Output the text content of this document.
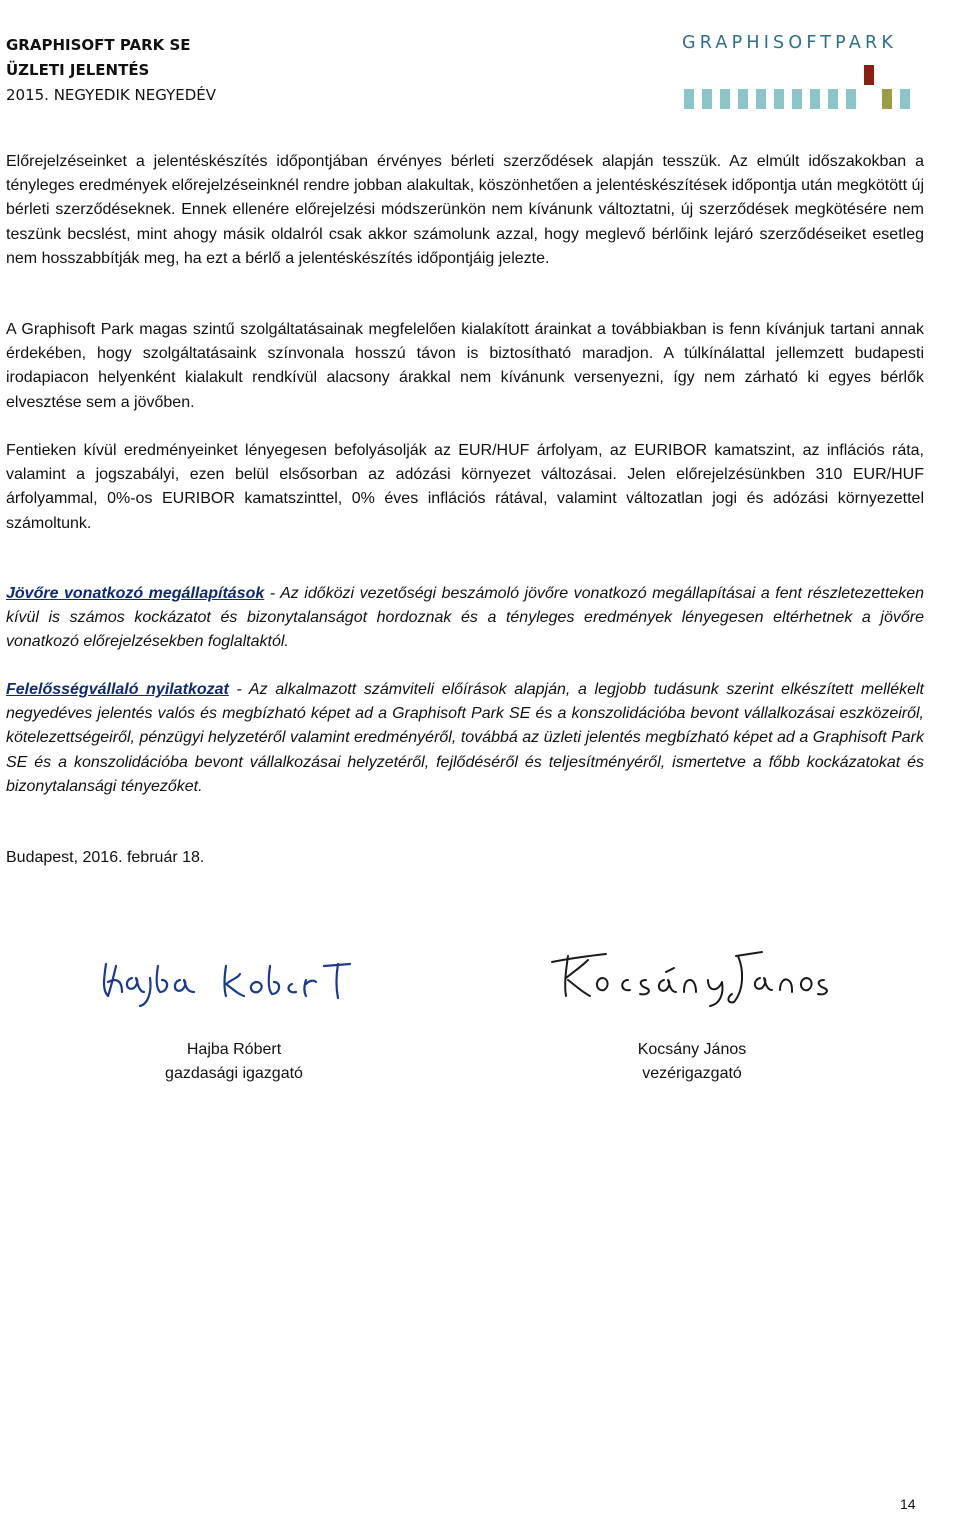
GRAPHISOFT PARK SE
ÜZLETI JELENTÉS
2015. NEGYEDIK NEGYEDÉV
GRAPHISOFTPARK

Előrejelzéseinket a jelentéskészítés időpontjában érvényes bérleti szerződések alapján tesszük. Az elmúlt időszakokban a tényleges eredmények előrejelzéseinknél rendre jobban alakultak, köszönhetően a jelentéskészítések időpontja után megkötött új bérleti szerződéseknek. Ennek ellenére előrejelzési módszerünkön nem kívánunk változtatni, új szerződések megkötésére nem teszünk becslést, mint ahogy másik oldalról csak akkor számolunk azzal, hogy meglevő bérlőink lejáró szerződéseiket esetleg nem hosszabbítják meg, ha ezt a bérlő a jelentéskészítés időpontjáig jelezte.

A Graphisoft Park magas szintű szolgáltatásainak megfelelően kialakított árainkat a továbbiakban is fenn kívánjuk tartani annak érdekében, hogy szolgáltatásaink színvonala hosszú távon is biztosítható maradjon. A túlkínálattal jellemzett budapesti irodapiacon helyenként kialakult rendkívül alacsony árakkal nem kívánunk versenyezni, így nem zárható ki egyes bérlők elvesztése sem a jövőben.

Fentieken kívül eredményeinket lényegesen befolyásolják az EUR/HUF árfolyam, az EURIBOR kamatszint, az inflációs ráta, valamint a jogszabályi, ezen belül elsősorban az adózási környezet változásai. Jelen előrejelzésünkben 310 EUR/HUF árfolyammal, 0%-os EURIBOR kamatszinttel, 0% éves inflációs rátával, valamint változatlan jogi és adózási környezettel számoltunk.

Jövőre vonatkozó megállapítások - Az időközi vezetőségi beszámoló jövőre vonatkozó megállapításai a fent részletezetteken kívül is számos kockázatot és bizonytalanságot hordoznak és a tényleges eredmények lényegesen eltérhetnek a jövőre vonatkozó előrejelzésekben foglaltaktól.

Felelősségvállaló nyilatkozat - Az alkalmazott számviteli előírások alapján, a legjobb tudásunk szerint elkészített mellékelt negyedéves jelentés valós és megbízható képet ad a Graphisoft Park SE és a konszolidációba bevont vállalkozásai eszközeiről, kötelezettségeiről, pénzügyi helyzetéről valamint eredményéről, továbbá az üzleti jelentés megbízható képet ad a Graphisoft Park SE és a konszolidációba bevont vállalkozásai helyzetéről, fejlődéséről és teljesítményéről, ismertetve a főbb kockázatokat és bizonytalansági tényezőket.

Budapest, 2016. február 18.
Hajba Róbert
gazdasági igazgató
Kocsány János
vezérigazgató
14
